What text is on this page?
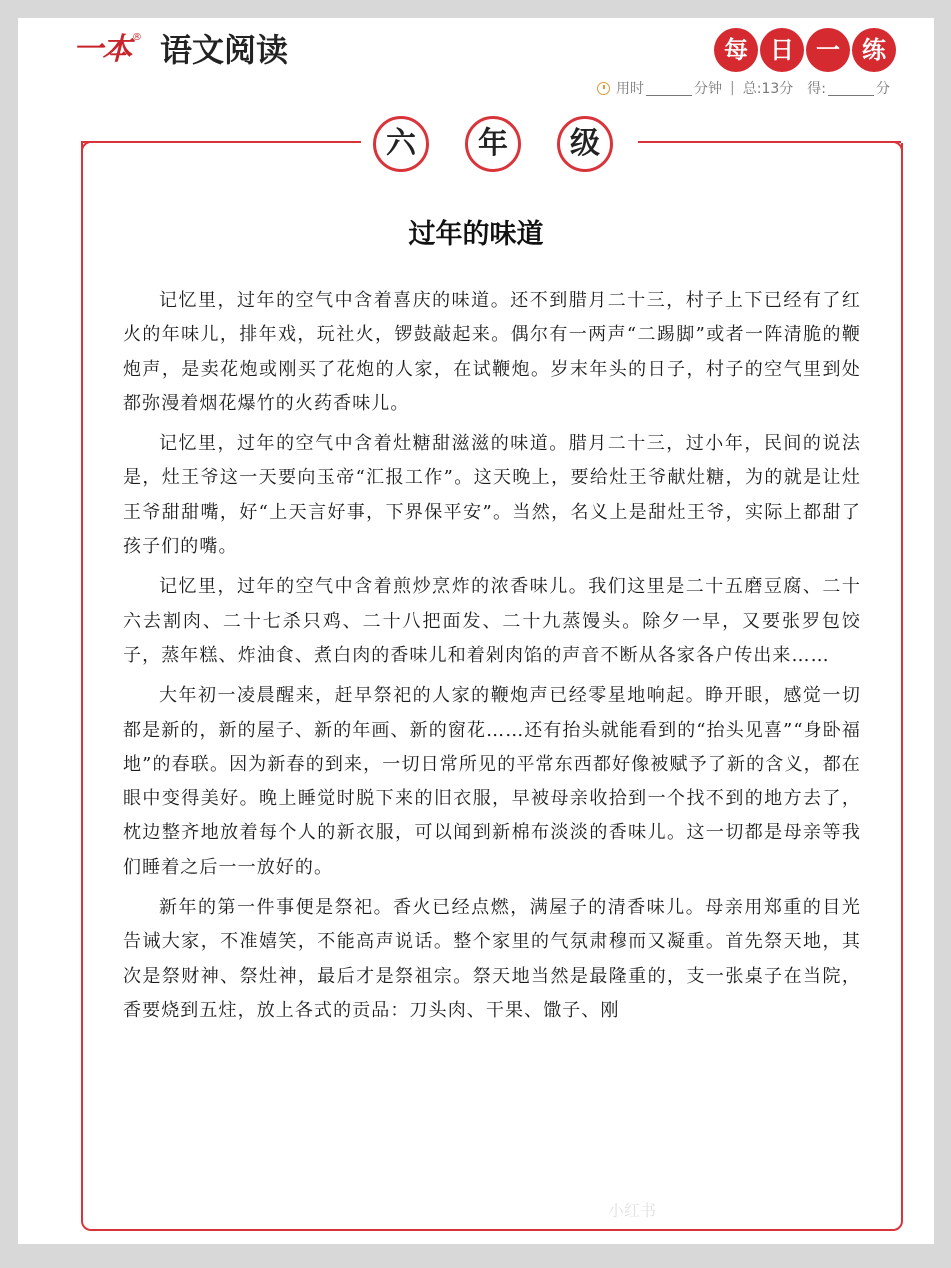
一本 ® 语文阅读	每 日 一 练
用时	分钟 | 总:13分 得:	分
六	年	级
过年的味道

记忆里，过年的空气中含着喜庆的味道。还不到腊月二十三，村子上下已经有了红火的年味儿，排年戏，玩社火，锣鼓敲起来。偶尔有一两声“二踢脚”或者一阵清脆的鞭炮声，是卖花炮或刚买了花炮的人家，在试鞭炮。岁末年头的日子，村子的空气里到处都弥漫着烟花爆竹的火药香味儿。

记忆里，过年的空气中含着灶糖甜滋滋的味道。腊月二十三，过小年，民间的说法是，灶王爷这一天要向玉帝“汇报工作”。这天晚上，要给灶王爷献灶糖，为的就是让灶王爷甜甜嘴，好“上天言好事，下界保平安”。当然，名义上是甜灶王爷，实际上都甜了孩子们的嘴。

记忆里，过年的空气中含着煎炒烹炸的浓香味儿。我们这里是二十五磨豆腐、二十六去割肉、二十七杀只鸡、二十八把面发、二十九蒸馒头。除夕一早，又要张罗包饺子，蒸年糕、炸油食、煮白肉的香味儿和着剁肉馅的声音不断从各家各户传出来……

大年初一凌晨醒来，赶早祭祀的人家的鞭炮声已经零星地响起。睁开眼，感觉一切都是新的，新的屋子、新的年画、新的窗花……还有抬头就能看到的“抬头见喜”“身卧福地”的春联。因为新春的到来，一切日常所见的平常东西都好像被赋予了新的含义，都在眼中变得美好。晚上睡觉时脱下来的旧衣服，早被母亲收拾到一个找不到的地方去了，枕边整齐地放着每个人的新衣服，可以闻到新棉布淡淡的香味儿。这一切都是母亲等我们睡着之后一一放好的。

新年的第一件事便是祭祀。香火已经点燃，满屋子的清香味儿。母亲用郑重的目光告诫大家，不准嬉笑，不能高声说话。整个家里的气氛肃穆而又凝重。首先祭天地，其次是祭财神、祭灶神，最后才是祭祖宗。祭天地当然是最隆重的，支一张桌子在当院，香要烧到五炷，放上各式的贡品：刀头肉、干果、馓子、刚

小红书
